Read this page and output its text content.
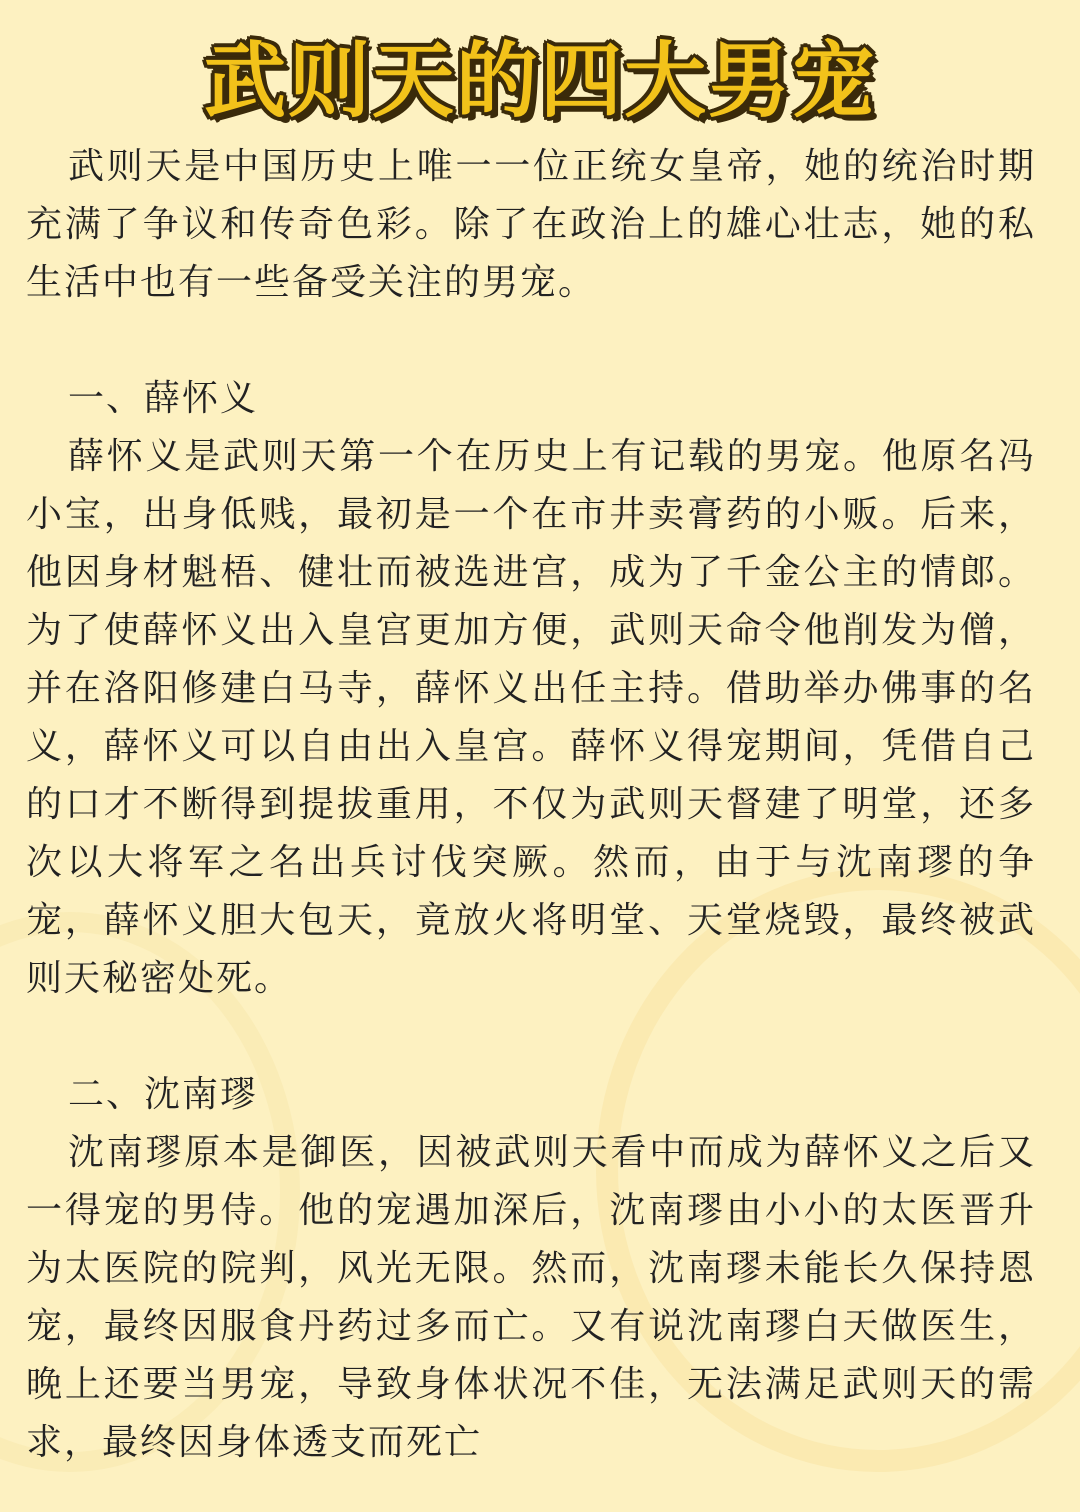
武则天的四大男宠

武则天是中国历史上唯一一位正统女皇帝，她的统治时期充满了争议和传奇色彩。除了在政治上的雄心壮志，她的私生活中也有一些备受关注的男宠。

一、薛怀义

薛怀义是武则天第一个在历史上有记载的男宠。他原名冯小宝，出身低贱，最初是一个在市井卖膏药的小贩。后来，他因身材魁梧、健壮而被选进宫，成为了千金公主的情郎。为了使薛怀义出入皇宫更加方便，武则天命令他削发为僧，并在洛阳修建白马寺，薛怀义出任主持。借助举办佛事的名义，薛怀义可以自由出入皇宫。薛怀义得宠期间，凭借自己的口才不断得到提拔重用，不仅为武则天督建了明堂，还多次以大将军之名出兵讨伐突厥。然而，由于与沈南璆的争宠，薛怀义胆大包天，竟放火将明堂、天堂烧毁，最终被武则天秘密处死。

二、沈南璆

沈南璆原本是御医，因被武则天看中而成为薛怀义之后又一得宠的男侍。他的宠遇加深后，沈南璆由小小的太医晋升为太医院的院判，风光无限。然而，沈南璆未能长久保持恩宠，最终因服食丹药过多而亡。又有说沈南璆白天做医生，晚上还要当男宠，导致身体状况不佳，无法满足武则天的需求，最终因身体透支而死亡
